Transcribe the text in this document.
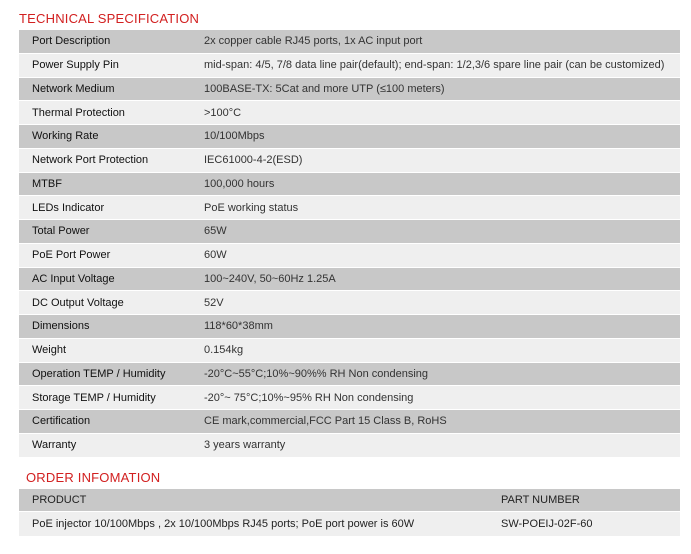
TECHNICAL SPECIFICATION
Port Description	2x copper cable RJ45 ports, 1x AC input port
Power Supply Pin	mid-span: 4/5, 7/8 data line pair(default); end-span: 1/2,3/6 spare line pair (can be customized)
Network Medium	100BASE-TX: 5Cat and more UTP (≤100 meters)
Thermal Protection	>100°C
Working Rate	10/100Mbps
Network Port Protection	IEC61000-4-2(ESD)
MTBF	100,000 hours
LEDs Indicator	PoE working status
Total Power	65W
PoE Port Power	60W
AC Input Voltage	100~240V, 50~60Hz 1.25A
DC Output Voltage	52V
Dimensions	118*60*38mm
Weight	0.154kg
Operation TEMP / Humidity	-20°C~55°C;10%~90%% RH Non condensing
Storage TEMP / Humidity	-20°~ 75°C;10%~95% RH Non condensing
Certification	CE mark,commercial,FCC Part 15 Class B, RoHS
Warranty	3 years warranty
ORDER INFOMATION
PRODUCT	PART NUMBER
PoE injector 10/100Mbps , 2x 10/100Mbps RJ45 ports; PoE port power is 60W	SW-POEIJ-02F-60
